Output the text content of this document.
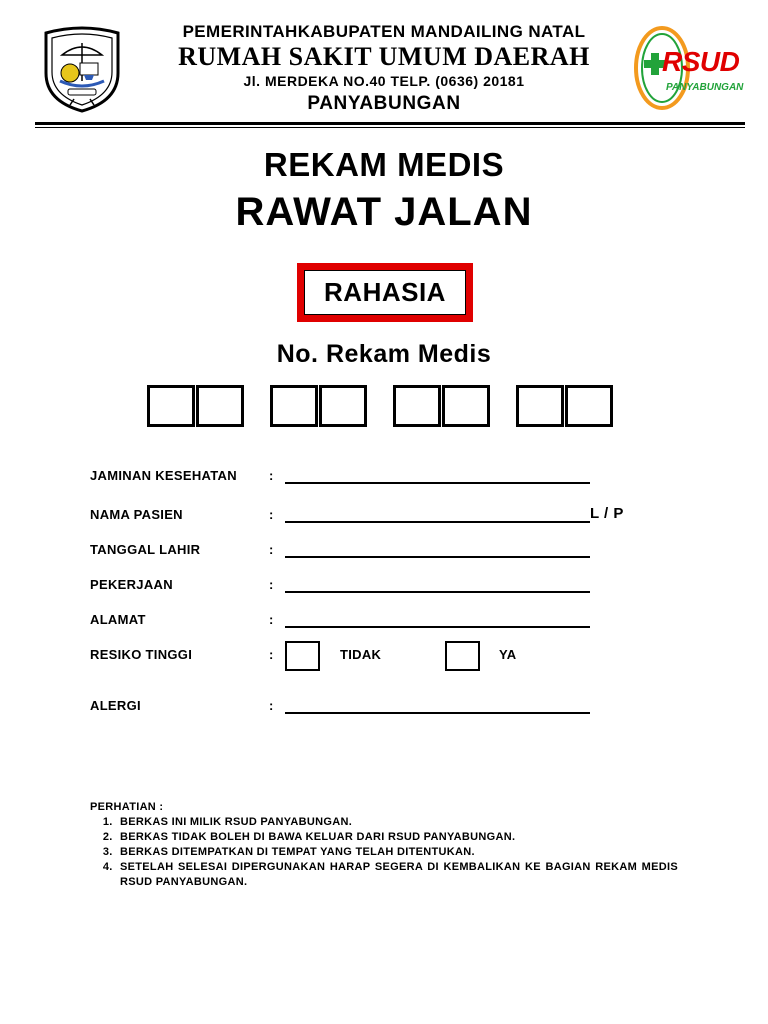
RSUD
PANYABUNGAN
PEMERINTAHKABUPATEN MANDAILING NATAL
RUMAH SAKIT UMUM DAERAH
Jl. MERDEKA NO.40 TELP. (0636) 20181
PANYABUNGAN
REKAM MEDIS
RAWAT JALAN
RAHASIA
No. Rekam Medis
JAMINAN KESEHATAN :
NAMA PASIEN	:	L / P
TANGGAL LAHIR	:
PEKERJAAN	:
ALAMAT	:
RESIKO TINGGI	:	TIDAK	YA
ALERGI	:
PERHATIAN :
1. BERKAS INI MILIK RSUD PANYABUNGAN.
2. BERKAS TIDAK BOLEH DI BAWA KELUAR DARI RSUD PANYABUNGAN.
3. BERKAS DITEMPATKAN DI TEMPAT YANG TELAH DITENTUKAN.
4. SETELAH SELESAI DIPERGUNAKAN HARAP SEGERA DI KEMBALIKAN KE BAGIAN REKAM MEDIS RSUD PANYABUNGAN.
